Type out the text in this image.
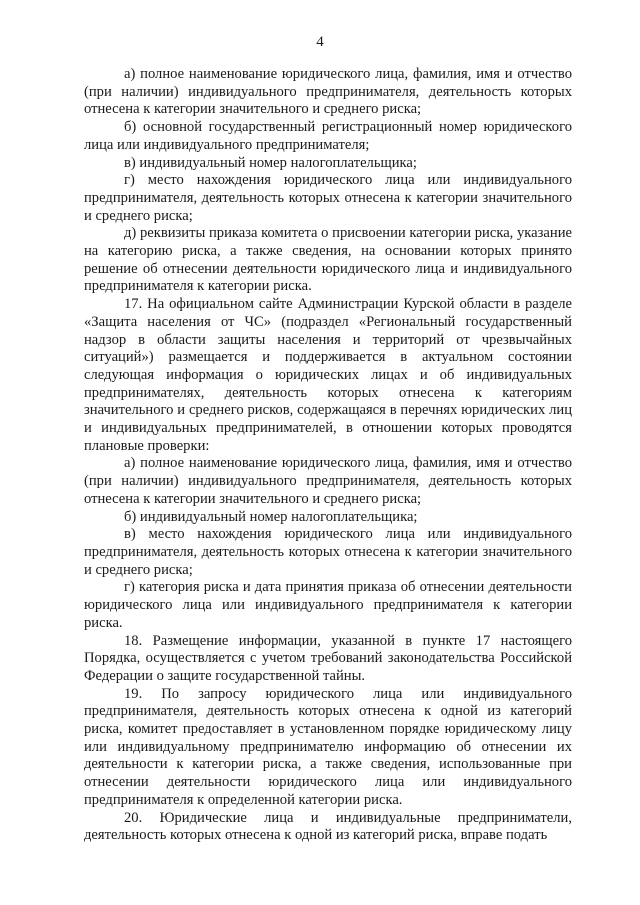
4

а) полное наименование юридического лица, фамилия, имя и отчество (при наличии) индивидуального предпринимателя, деятельность которых отнесена к категории значительного и среднего риска;

б) основной государственный регистрационный номер юридического лица или индивидуального предпринимателя;

в) индивидуальный номер налогоплательщика;

г) место нахождения юридического лица или индивидуального предпринимателя, деятельность которых отнесена к категории значительного и среднего риска;

д) реквизиты приказа комитета о присвоении категории риска, указание на категорию риска, а также сведения, на основании которых принято решение об отнесении деятельности юридического лица и индивидуального предпринимателя к категории риска.

17. На официальном сайте Администрации Курской области в разделе «Защита населения от ЧС» (подраздел «Региональный государственный надзор в области защиты населения и территорий от чрезвычайных ситуаций») размещается и поддерживается в актуальном состоянии следующая информация о юридических лицах и об индивидуальных предпринимателях, деятельность которых отнесена к категориям значительного и среднего рисков, содержащаяся в перечнях юридических лиц и индивидуальных предпринимателей, в отношении которых проводятся плановые проверки:

а) полное наименование юридического лица, фамилия, имя и отчество (при наличии) индивидуального предпринимателя, деятельность которых отнесена к категории значительного и среднего риска;

б) индивидуальный номер налогоплательщика;

в) место нахождения юридического лица или индивидуального предпринимателя, деятельность которых отнесена к категории значительного и среднего риска;

г) категория риска и дата принятия приказа об отнесении деятельности юридического лица или индивидуального предпринимателя к категории риска.

18. Размещение информации, указанной в пункте 17 настоящего Порядка, осуществляется с учетом требований законодательства Российской Федерации о защите государственной тайны.

19. По запросу юридического лица или индивидуального предпринимателя, деятельность которых отнесена к одной из категорий риска, комитет предоставляет в установленном порядке юридическому лицу или индивидуальному предпринимателю информацию об отнесении их деятельности к категории риска, а также сведения, использованные при отнесении деятельности юридического лица или индивидуального предпринимателя к определенной категории риска.

20. Юридические лица и индивидуальные предприниматели, деятельность которых отнесена к одной из категорий риска, вправе подать
